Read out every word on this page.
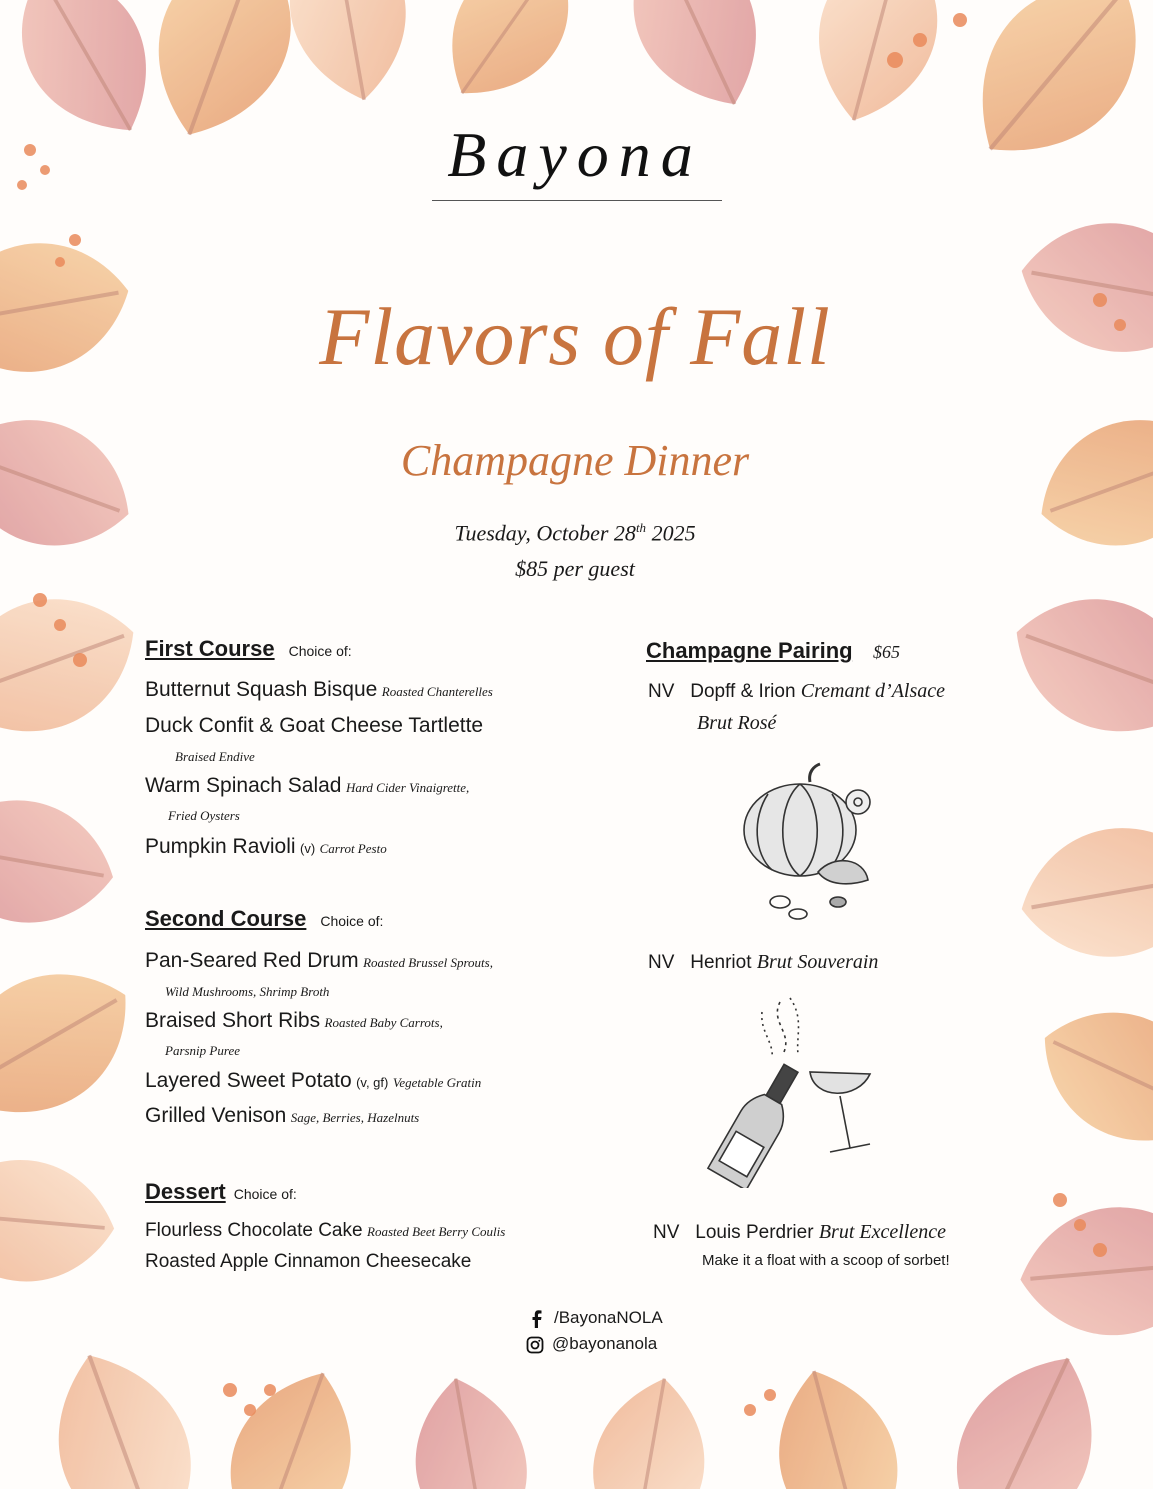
Bayona
Flavors of Fall
Champagne Dinner
Tuesday, October 28th 2025
$85 per guest
First Course Choice of:
Butternut Squash Bisque Roasted Chanterelles
Duck Confit & Goat Cheese Tartlette
Braised Endive
Warm Spinach Salad Hard Cider Vinaigrette,
Fried Oysters
Pumpkin Ravioli (v) Carrot Pesto
Second Course Choice of:
Pan-Seared Red Drum Roasted Brussel Sprouts,
Wild Mushrooms, Shrimp Broth
Braised Short Ribs Roasted Baby Carrots,
Parsnip Puree
Layered Sweet Potato (v, gf) Vegetable Gratin
Grilled Venison Sage, Berries, Hazelnuts
Dessert Choice of:
Flourless Chocolate Cake Roasted Beet Berry Coulis
Roasted Apple Cinnamon Cheesecake
Champagne Pairing $65
NV Dopff & Irion Cremant d’Alsace
Brut Rosé
NV Henriot Brut Souverain
NV Louis Perdrier Brut Excellence
Make it a float with a scoop of sorbet!
/BayonaNOLA
@bayonanola
